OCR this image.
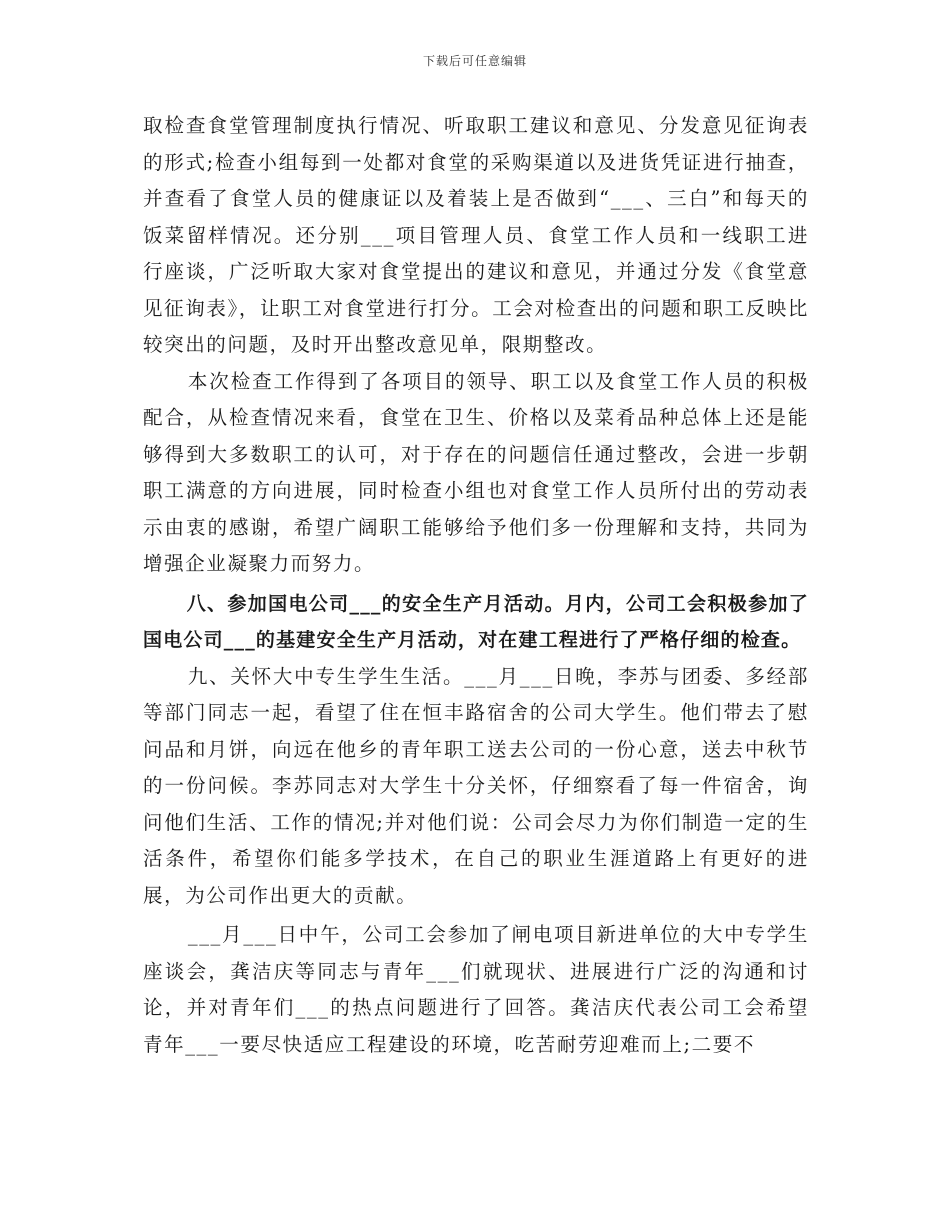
下载后可任意编辑

取检查食堂管理制度执行情况、听取职工建议和意见、分发意见征询表的形式;检查小组每到一处都对食堂的采购渠道以及进货凭证进行抽查，并查看了食堂人员的健康证以及着装上是否做到“___、三白”和每天的饭菜留样情况。还分别___项目管理人员、食堂工作人员和一线职工进行座谈，广泛听取大家对食堂提出的建议和意见，并通过分发《食堂意见征询表》，让职工对食堂进行打分。工会对检查出的问题和职工反映比较突出的问题，及时开出整改意见单，限期整改。

本次检查工作得到了各项目的领导、职工以及食堂工作人员的积极配合，从检查情况来看，食堂在卫生、价格以及菜肴品种总体上还是能够得到大多数职工的认可，对于存在的问题信任通过整改，会进一步朝职工满意的方向进展，同时检查小组也对食堂工作人员所付出的劳动表示由衷的感谢，希望广阔职工能够给予他们多一份理解和支持，共同为增强企业凝聚力而努力。

八、参加国电公司___的安全生产月活动。月内，公司工会积极参加了国电公司___的基建安全生产月活动，对在建工程进行了严格仔细的检查。

九、关怀大中专生学生生活。___月___日晚，李苏与团委、多经部等部门同志一起，看望了住在恒丰路宿舍的公司大学生。他们带去了慰问品和月饼，向远在他乡的青年职工送去公司的一份心意，送去中秋节的一份问候。李苏同志对大学生十分关怀，仔细察看了每一件宿舍，询问他们生活、工作的情况;并对他们说：公司会尽力为你们制造一定的生活条件，希望你们能多学技术，在自己的职业生涯道路上有更好的进展，为公司作出更大的贡献。

___月___日中午，公司工会参加了闸电项目新进单位的大中专学生座谈会，龚洁庆等同志与青年___们就现状、进展进行广泛的沟通和讨论，并对青年们___的热点问题进行了回答。龚洁庆代表公司工会希望青年___一要尽快适应工程建设的环境，吃苦耐劳迎难而上;二要不
